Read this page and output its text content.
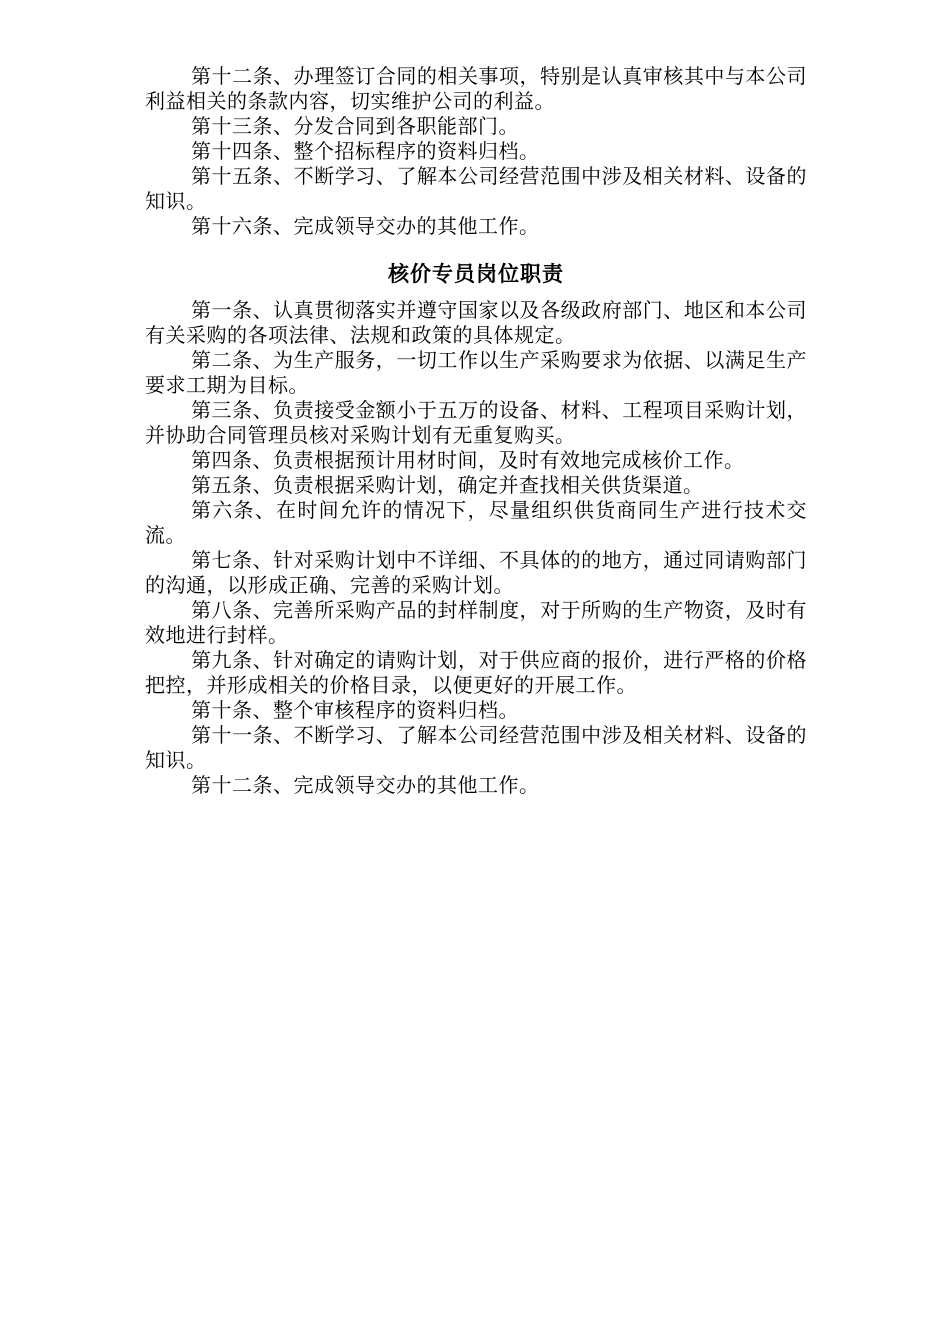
第十二条、办理签订合同的相关事项，特别是认真审核其中与本公司利益相关的条款内容，切实维护公司的利益。

第十三条、分发合同到各职能部门。

第十四条、整个招标程序的资料归档。

第十五条、不断学习、了解本公司经营范围中涉及相关材料、设备的知识。

第十六条、完成领导交办的其他工作。

核价专员岗位职责

第一条、认真贯彻落实并遵守国家以及各级政府部门、地区和本公司有关采购的各项法律、法规和政策的具体规定。

第二条、为生产服务，一切工作以生产采购要求为依据、以满足生产要求工期为目标。

第三条、负责接受金额小于五万的设备、材料、工程项目采购计划，并协助合同管理员核对采购计划有无重复购买。

第四条、负责根据预计用材时间，及时有效地完成核价工作。

第五条、负责根据采购计划，确定并查找相关供货渠道。

第六条、在时间允许的情况下，尽量组织供货商同生产进行技术交流。

第七条、针对采购计划中不详细、不具体的的地方，通过同请购部门的沟通，以形成正确、完善的采购计划。

第八条、完善所采购产品的封样制度，对于所购的生产物资，及时有效地进行封样。

第九条、针对确定的请购计划，对于供应商的报价，进行严格的价格把控，并形成相关的价格目录，以便更好的开展工作。

第十条、整个审核程序的资料归档。

第十一条、不断学习、了解本公司经营范围中涉及相关材料、设备的知识。

第十二条、完成领导交办的其他工作。
